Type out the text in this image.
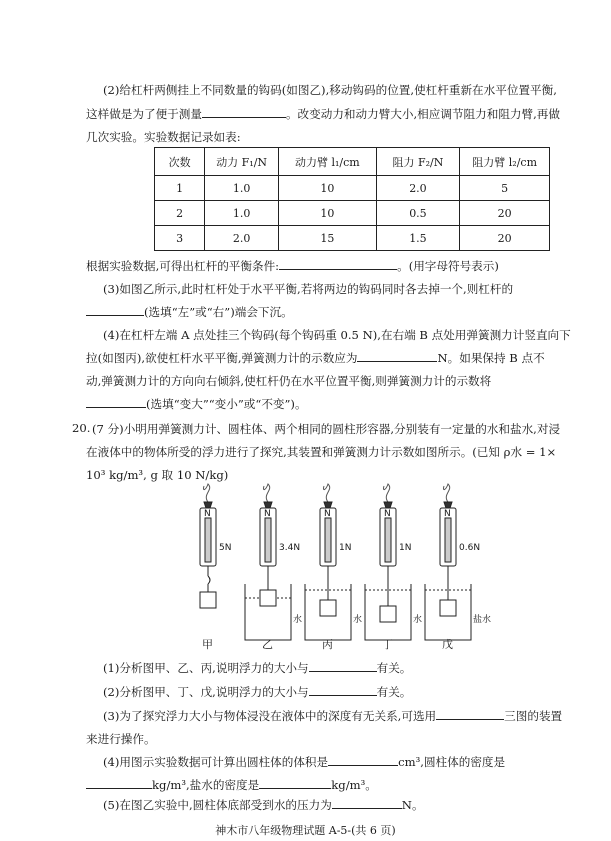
(2)给杠杆两侧挂上不同数量的钩码(如图乙),移动钩码的位置,使杠杆重新在水平位置平衡,
这样做是为了便于测量	。改变动力和动力臂大小,相应调节阻力和阻力臂,再做
几次实验。实验数据记录如表:
次数	动力 F₁/N	动力臂 l₁/cm	阻力 F₂/N	阻力臂 l₂/cm
1	1.0	10	2.0	5
2	1.0	10	0.5	20
3	2.0	15	1.5	20
根据实验数据,可得出杠杆的平衡条件:	。(用字母符号表示)
(3)如图乙所示,此时杠杆处于水平平衡,若将两边的钩码同时各去掉一个,则杠杆的
(选填“左”或“右”)端会下沉。
(4)在杠杆左端 A 点处挂三个钩码(每个钩码重 0.5 N),在右端 B 点处用弹簧测力计竖直向下
拉(如图丙),欲使杠杆水平平衡,弹簧测力计的示数应为	N。如果保持 B 点不
动,弹簧测力计的方向向右倾斜,使杠杆仍在水平位置平衡,则弹簧测力计的示数将
(选填“变大”“变小”或“不变”)。
20. (7 分)小明用弹簧测力计、圆柱体、两个相同的圆柱形容器,分别装有一定量的水和盐水,对浸
在液体中的物体所受的浮力进行了探究,其装置和弹簧测力计示数如图所示。(已知 ρ水 = 1×
10³ kg/m³, g 取 10 N/kg)
N	N	N	N	N
5N	3.4N	1N	1N	0.6N
水	水	水	盐水
甲	乙	丙	丁	戊
(1)分析图甲、乙、丙,说明浮力的大小与	有关。
(2)分析图甲、丁、戊,说明浮力的大小与	有关。
(3)为了探究浮力大小与物体浸没在液体中的深度有无关系,可选用	三图的装置
来进行操作。
(4)用图示实验数据可计算出圆柱体的体积是	cm³,圆柱体的密度是
kg/m³,盐水的密度是	kg/m³。
(5)在图乙实验中,圆柱体底部受到水的压力为	N。
神木市八年级物理试题 A-5-(共 6 页)
